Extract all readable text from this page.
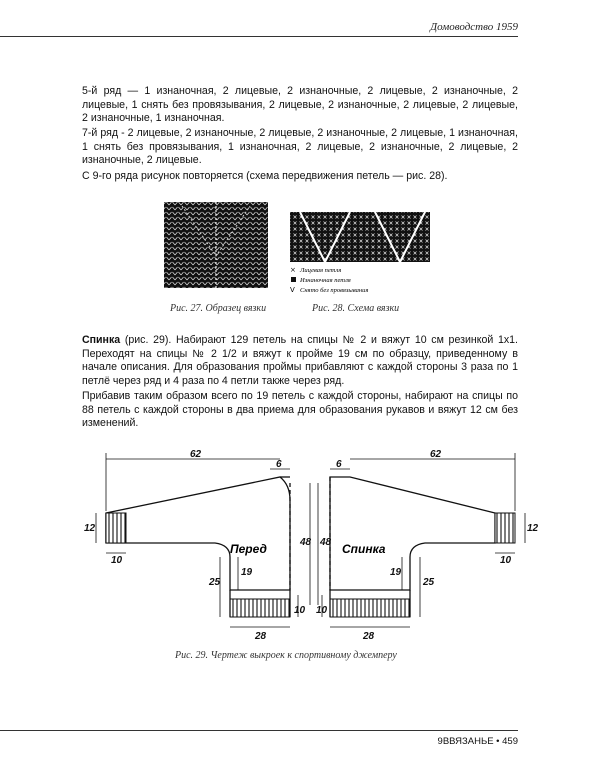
Домоводство 1959

5-й ряд — 1 изнаночная, 2 лицевые, 2 изнаночные, 2 лицевые, 2 изнаночные, 2 лицевые, 1 снять без провязывания, 2 лицевые, 2 изнаночные, 2 лицевые, 2 лицевые, 2 изнаночные, 1 изнаночная.

7-й ряд - 2 лицевые, 2 изнаночные, 2 лицевые, 2 изнаночные, 2 лицевые, 1 изнаночная, 1 снять без провязывания, 1 изнаночная, 2 лицевые, 2 изнаночные, 2 лицевые, 2 изнаночные, 2 лицевые.

С 9-го ряда рисунок повторяется (схема передвижения петель — рис. 28).

× Лицевая петля
Изнаночная петля
V Снято без провязывания
Рис. 27. Образец вязки	Рис. 28. Схема вязки

Спинка (рис. 29). Набирают 129 петель на спицы № 2 и вяжут 10 см резинкой 1х1. Переходят на спицы № 2 1/2 и вяжут к пройме 19 см по образцу, приведенному в начале описания. Для образования проймы прибавляют с каждой стороны 3 раза по 1 петлё через ряд и 4 раза по 4 петли также через ряд.

Прибавив таким образом всего по 19 петель с каждой стороны, набирают на спицы по 88 петель с каждой стороны в два приема для образования рукавов и вяжут 12 см без изменений.

62
6
12
10
48
25
19
10
28
62
6
12
10
48
25
19
10
28
Перед	Спинка
Рис. 29. Чертеж выкроек к спортивному джемперу
9ВВЯЗАНЬЕ • 459
